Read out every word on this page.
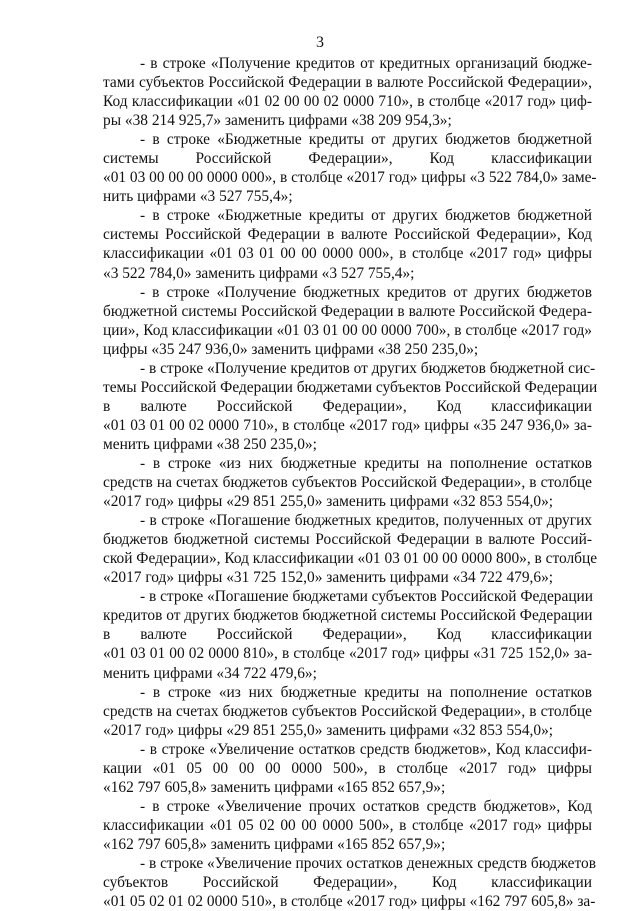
3
- в строке «Получение кредитов от кредитных организаций бюдже-
тами субъектов Российской Федерации в валюте Российской Федерации»,
Код классификации «01 02 00 00 02 0000 710», в столбце «2017 год» циф-
ры «38 214 925,7» заменить цифрами «38 209 954,3»;
- в строке «Бюджетные кредиты от других бюджетов бюджетной
системы Российской Федерации», Код классификации
«01 03 00 00 00 0000 000», в столбце «2017 год» цифры «3 522 784,0» заме-
нить цифрами «3 527 755,4»;
- в строке «Бюджетные кредиты от других бюджетов бюджетной
системы Российской Федерации в валюте Российской Федерации», Код
классификации «01 03 01 00 00 0000 000», в столбце «2017 год» цифры
«3 522 784,0» заменить цифрами «3 527 755,4»;
- в строке «Получение бюджетных кредитов от других бюджетов
бюджетной системы Российской Федерации в валюте Российской Федера-
ции», Код классификации «01 03 01 00 00 0000 700», в столбце «2017 год»
цифры «35 247 936,0» заменить цифрами «38 250 235,0»;
- в строке «Получение кредитов от других бюджетов бюджетной сис-
темы Российской Федерации бюджетами субъектов Российской Федерации
в валюте Российской Федерации», Код классификации
«01 03 01 00 02 0000 710», в столбце «2017 год» цифры «35 247 936,0» за-
менить цифрами «38 250 235,0»;
- в строке «из них бюджетные кредиты на пополнение остатков
средств на счетах бюджетов субъектов Российской Федерации», в столбце
«2017 год» цифры «29 851 255,0» заменить цифрами «32 853 554,0»;
- в строке «Погашение бюджетных кредитов, полученных от других
бюджетов бюджетной системы Российской Федерации в валюте Россий-
ской Федерации», Код классификации «01 03 01 00 00 0000 800», в столбце
«2017 год» цифры «31 725 152,0» заменить цифрами «34 722 479,6»;
- в строке «Погашение бюджетами субъектов Российской Федерации
кредитов от других бюджетов бюджетной системы Российской Федерации
в валюте Российской Федерации», Код классификации
«01 03 01 00 02 0000 810», в столбце «2017 год» цифры «31 725 152,0» за-
менить цифрами «34 722 479,6»;
- в строке «из них бюджетные кредиты на пополнение остатков
средств на счетах бюджетов субъектов Российской Федерации», в столбце
«2017 год» цифры «29 851 255,0» заменить цифрами «32 853 554,0»;
- в строке «Увеличение остатков средств бюджетов», Код классифи-
кации «01 05 00 00 00 0000 500», в столбце «2017 год» цифры
«162 797 605,8» заменить цифрами «165 852 657,9»;
- в строке «Увеличение прочих остатков средств бюджетов», Код
классификации «01 05 02 00 00 0000 500», в столбце «2017 год» цифры
«162 797 605,8» заменить цифрами «165 852 657,9»;
- в строке «Увеличение прочих остатков денежных средств бюджетов
субъектов Российской Федерации», Код классификации
«01 05 02 01 02 0000 510», в столбце «2017 год» цифры «162 797 605,8» за-
